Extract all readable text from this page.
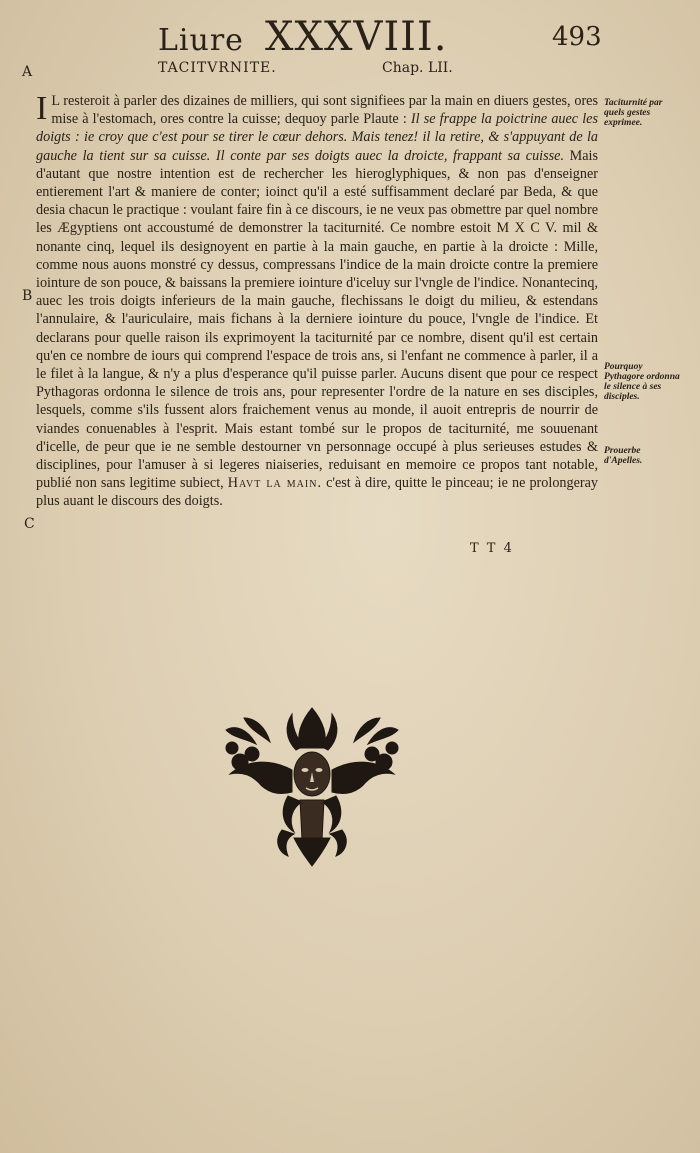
Liure XXXVIII.	493
TACITVRNITE.	Chap. LII.
A
B
C
I L resteroit à parler des dizaines de milliers, qui sont signifiees par la main en diuers gestes, ores mise à l'estomach, ores contre la cuisse; dequoy parle Plaute : Il se frappe la poictrine auec les doigts : ie croy que c'est pour se tirer le cœur dehors. Mais tenez! il la retire, & s'appuyant de la gauche la tient sur sa cuisse. Il conte par ses doigts auec la droicte, frappant sa cuisse. Mais d'autant que nostre intention est de rechercher les hieroglyphiques, & non pas d'enseigner entierement l'art & maniere de conter; ioinct qu'il a esté suffisamment declaré par Beda, & que desia chacun le practique : voulant faire fin à ce discours, ie ne veux pas obmettre par quel nombre les Ægyptiens ont accoustumé de demonstrer la taciturnité. Ce nombre estoit M X C V. mil & nonante cinq, lequel ils designoyent en partie à la main gauche, en partie à la droicte : Mille, comme nous auons monstré cy dessus, compressans l'indice de la main droicte contre la premiere iointure de son pouce, & baissans la premiere iointure d'iceluy sur l'vngle de l'indice. Nonantecinq, auec les trois doigts inferieurs de la main gauche, flechissans le doigt du milieu, & estendans l'annulaire, & l'auriculaire, mais fichans à la derniere iointure du pouce, l'vngle de l'indice. Et declarans pour quelle raison ils exprimoyent la taciturnité par ce nombre, disent qu'il est certain qu'en ce nombre de iours qui comprend l'espace de trois ans, si l'enfant ne commence à parler, il a le filet à la langue, & n'y a plus d'esperance qu'il puisse parler. Aucuns disent que pour ce respect Pythagoras ordonna le silence de trois ans, pour representer l'ordre de la nature en ses disciples, lesquels, comme s'ils fussent alors fraichement venus au monde, il auoit entrepris de nourrir de viandes conuenables à l'esprit. Mais estant tombé sur le propos de taciturnité, me souuenant d'icelle, de peur que ie ne semble destourner vn personnage occupé à plus serieuses estudes & disciplines, pour l'amuser à si legeres niaiseries, reduisant en memoire ce propos tant notable, publié non sans legitime subiect, Havt la main. c'est à dire, quitte le pinceau; ie ne prolongeray plus auant le discours des doigts.
Taciturnité par quels gestes exprimee.
Pourquoy Pythagore ordonna le silence à ses disciples.
Prouerbe d'Apelles.
T T 4
